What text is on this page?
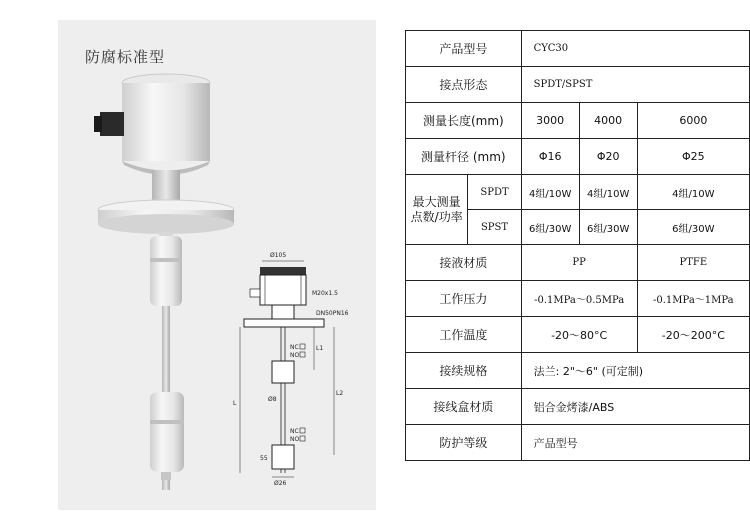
防腐标准型
Ø105
M20x1.5
DN50PN16
NC
NO
NC
NO
L
L1
L2
Ø8
55
Ø26
产品型号		CYC30		
接点形态		SPDT/SPST		
测量长度(mm)		3000	4000	6000
测量杆径 (mm)		Φ16	Φ20	Φ25
最大测量
点数/功率	SPDT	4组/10W	4组/10W	4组/10W
	SPST	6组/30W	6组/30W	6组/30W
接液材质		PP		PTFE
工作压力		-0.1MPa～0.5MPa		-0.1MPa～1MPa
工作温度		-20～80°C		-20～200°C
接续规格		法兰: 2"～6" (可定制)		
接线盒材质		铝合金烤漆/ABS		
防护等级		产品型号		
